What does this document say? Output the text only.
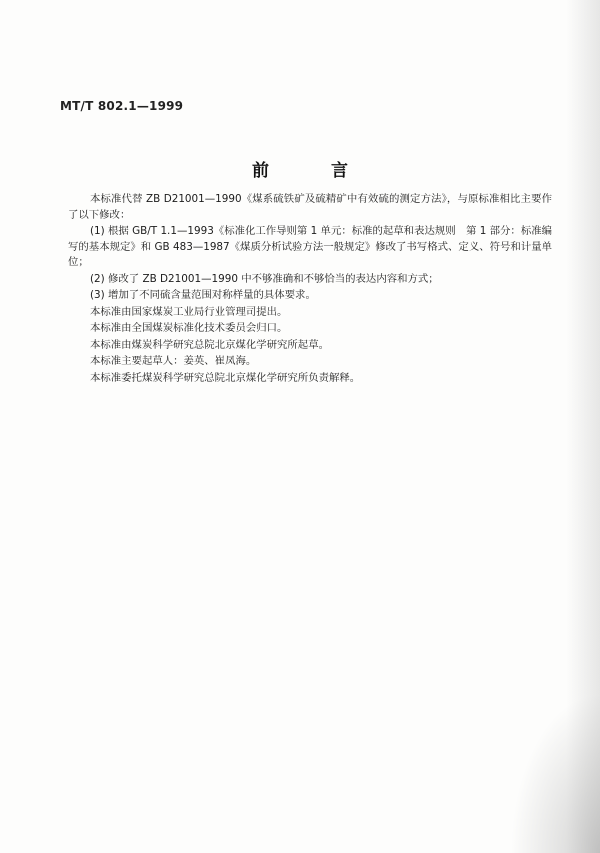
MT/T 802.1—1999
前 言

本标准代替 ZB D21001—1990《煤系硫铁矿及硫精矿中有效硫的测定方法》，与原标准相比主要作了以下修改：

(1) 根据 GB/T 1.1—1993《标准化工作导则第 1 单元：标准的起草和表达规则　第 1 部分：标准编写的基本规定》和 GB 483—1987《煤质分析试验方法一般规定》修改了书写格式、定义、符号和计量单位；

(2) 修改了 ZB D21001—1990 中不够准确和不够恰当的表达内容和方式；

(3) 增加了不同硫含量范围对称样量的具体要求。

本标准由国家煤炭工业局行业管理司提出。

本标准由全国煤炭标准化技术委员会归口。

本标准由煤炭科学研究总院北京煤化学研究所起草。

本标准主要起草人：姜英、崔凤海。

本标准委托煤炭科学研究总院北京煤化学研究所负责解释。
